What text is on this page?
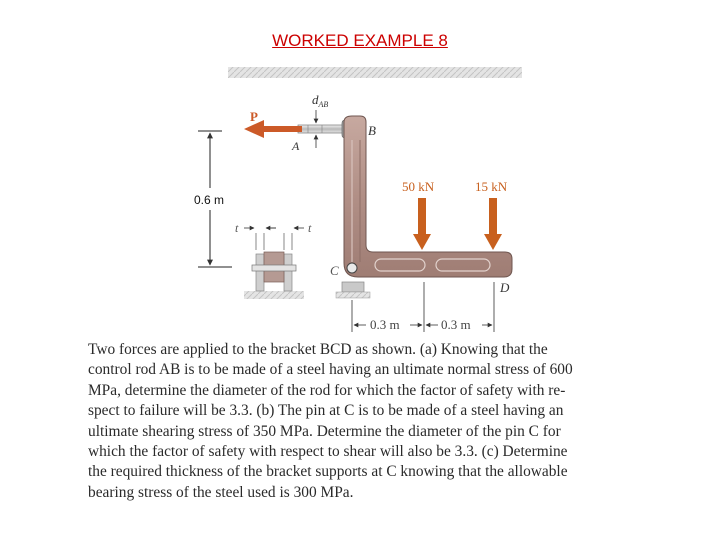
WORKED EXAMPLE 8
0.6 m
P
A
$d_{AB}$
B
C
D
t	t
50 kN	15 kN
0.3 m	0.3 m
Two forces are applied to the bracket BCD as shown. (a) Knowing that the
control rod AB is to be made of a steel having an ultimate normal stress of 600
MPa, determine the diameter of the rod for which the factor of safety with re-
spect to failure will be 3.3. (b) The pin at C is to be made of a steel having an
ultimate shearing stress of 350 MPa. Determine the diameter of the pin C for
which the factor of safety with respect to shear will also be 3.3. (c) Determine
the required thickness of the bracket supports at C knowing that the allowable
bearing stress of the steel used is 300 MPa.
